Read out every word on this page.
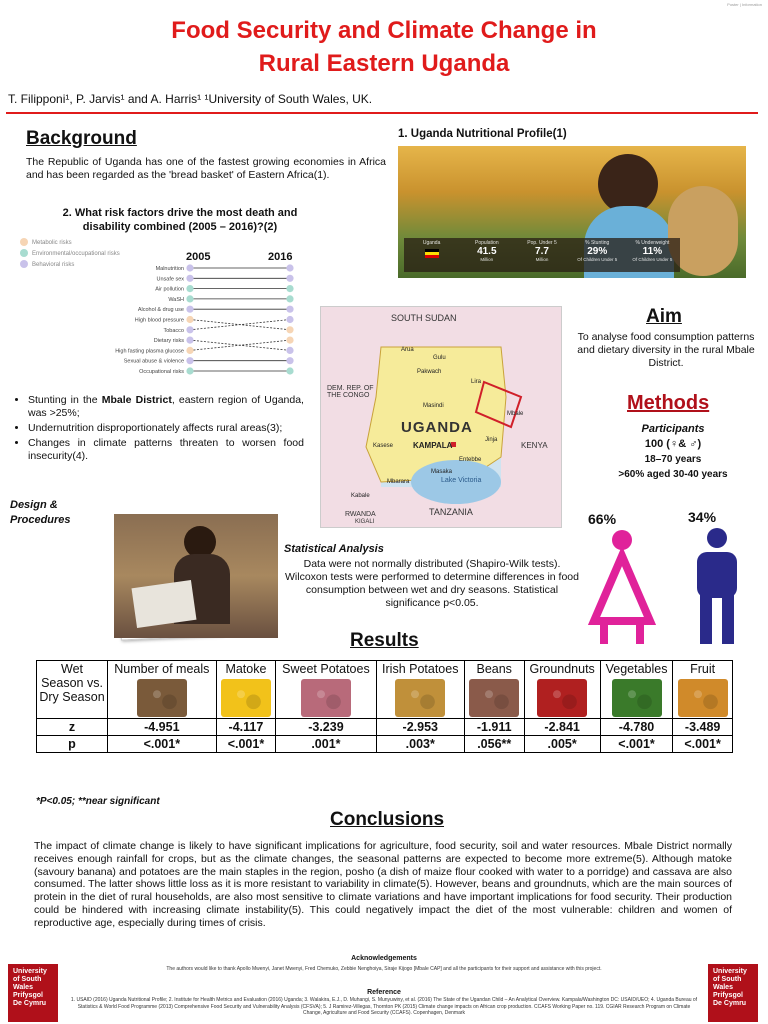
Poster | Information
Food Security and Climate Change in
Rural Eastern Uganda
T. Filipponi¹, P. Jarvis¹ and A. Harris¹ ¹University of South Wales, UK.
Background
The Republic of Uganda has one of the fastest growing economies in Africa and has been regarded as the 'bread basket' of Eastern Africa(1).
2. What risk factors drive the most death and disability combined (2005 – 2016)?(2)
Metabolic risks
Environmental/occupational risks
Behavioral risks
2005	2016
Malnutrition
Unsafe sex
Air pollution
WaSH
Alcohol & drug use
High blood pressure
Tobacco
Dietary risks
High fasting plasma glucose
Sexual abuse & violence
Occupational risks
• Stunting in the Mbale District, eastern region of Uganda, was >25%;
• Undernutrition disproportionately affects rural areas(3);
• Changes in climate patterns threaten to worsen food insecurity(4).
1. Uganda Nutritional Profile(1)
Uganda	Population
41.5
Million
Pop. Under 5
7.7
Million
% Stunting
29%
Of Children Under 5
% Underweight
11%
Of Children Under 5
SOUTH SUDAN
DEM. REP. OF THE CONGO
UGANDA
KENYA
TANZANIA
RWANDA
KIGALI
KAMPALA
Lake Victoria
Mbale
Arua
Gulu
Lira
Pakwach
Masindi
Kasese
Jinja
Entebbe
Masaka
Mbarara
Kabale
Aim
To analyse food consumption patterns and dietary diversity in the rural Mbale District.
Methods
Participants
100 (♀& ♂)
18–70 years
>60% aged 30-40 years
66%	34%
Design & Procedures
Statistical Analysis
Data were not normally distributed (Shapiro-Wilk tests). Wilcoxon tests were performed to determine differences in food consumption between wet and dry seasons. Statistical significance p<0.05.
Results
Wet Season vs. Dry Season	Number of meals	Matoke	Sweet Potatoes	Irish Potatoes	Beans	Groundnuts	Vegetables	Fruit

z	-4.951	-4.117	-3.239	-2.953	-1.911	-2.841	-4.780	-3.489
p	<.001*	<.001*	.001*	.003*	.056**	.005*	<.001*	<.001*
*P<0.05; **near significant
Conclusions
The impact of climate change is likely to have significant implications for agriculture, food security, soil and water resources. Mbale District normally receives enough rainfall for crops, but as the climate changes, the seasonal patterns are expected to become more extreme(5). Although matoke (savoury banana) and potatoes are the main staples in the region, posho (a dish of maize flour cooked with water to a porridge) and cassava are also consumed. The latter shows little loss as it is more resistant to variability in climate(5). However, beans and groundnuts, which are the main sources of protein in the diet of rural households, are also most sensitive to climate variations and have important implications for food security. Their production could be hindered with increasing climate instability(5). This could negatively impact the diet of the most vulnerable: children and women of reproductive age, especially during times of crisis.
University of South Wales Prifysgol De Cymru
University of South Wales Prifysgol De Cymru
Acknowledgements
The authors would like to thank Apollo Mwenyi, Janet Mwenyi, Fred Chemuko, Zebbie Nenghoiya, Siraje Kijogo [Mbale CAP] and all the participants for their support and assistance with this project.
Reference
1. USAID (2016) Uganda Nutritional Profile; 2. Institute for Health Metrics and Evaluation (2016) Uganda; 3. Walakira, E.J., D. Muhangi, S. Munyuwiny, et al. (2016) The State of the Ugandan Child – An Analytical Overview. Kampala/Washington DC: USAID/UEO; 4. Uganda Bureau of Statistics & World Food Programme (2013) Comprehensive Food Security and Vulnerability Analysis (CFSVA); 5. J Ramirez-Villegas, Thornton PK (2015) Climate change impacts on African crop production. CCAFS Working Paper no. 119. CGIAR Research Program on Climate Change, Agriculture and Food Security (CCAFS). Copenhagen, Denmark
